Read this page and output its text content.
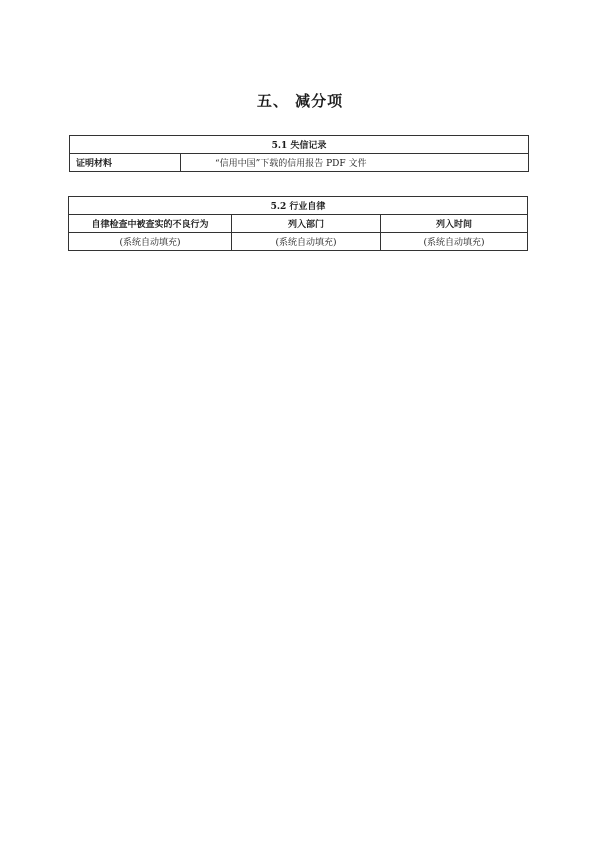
五、 减分项
5.1 失信记录
证明材料	“信用中国”下载的信用报告 PDF 文件
5.2 行业自律		
自律检查中被查实的不良行为	列入部门	列入时间
(系统自动填充)	(系统自动填充)	(系统自动填充)
